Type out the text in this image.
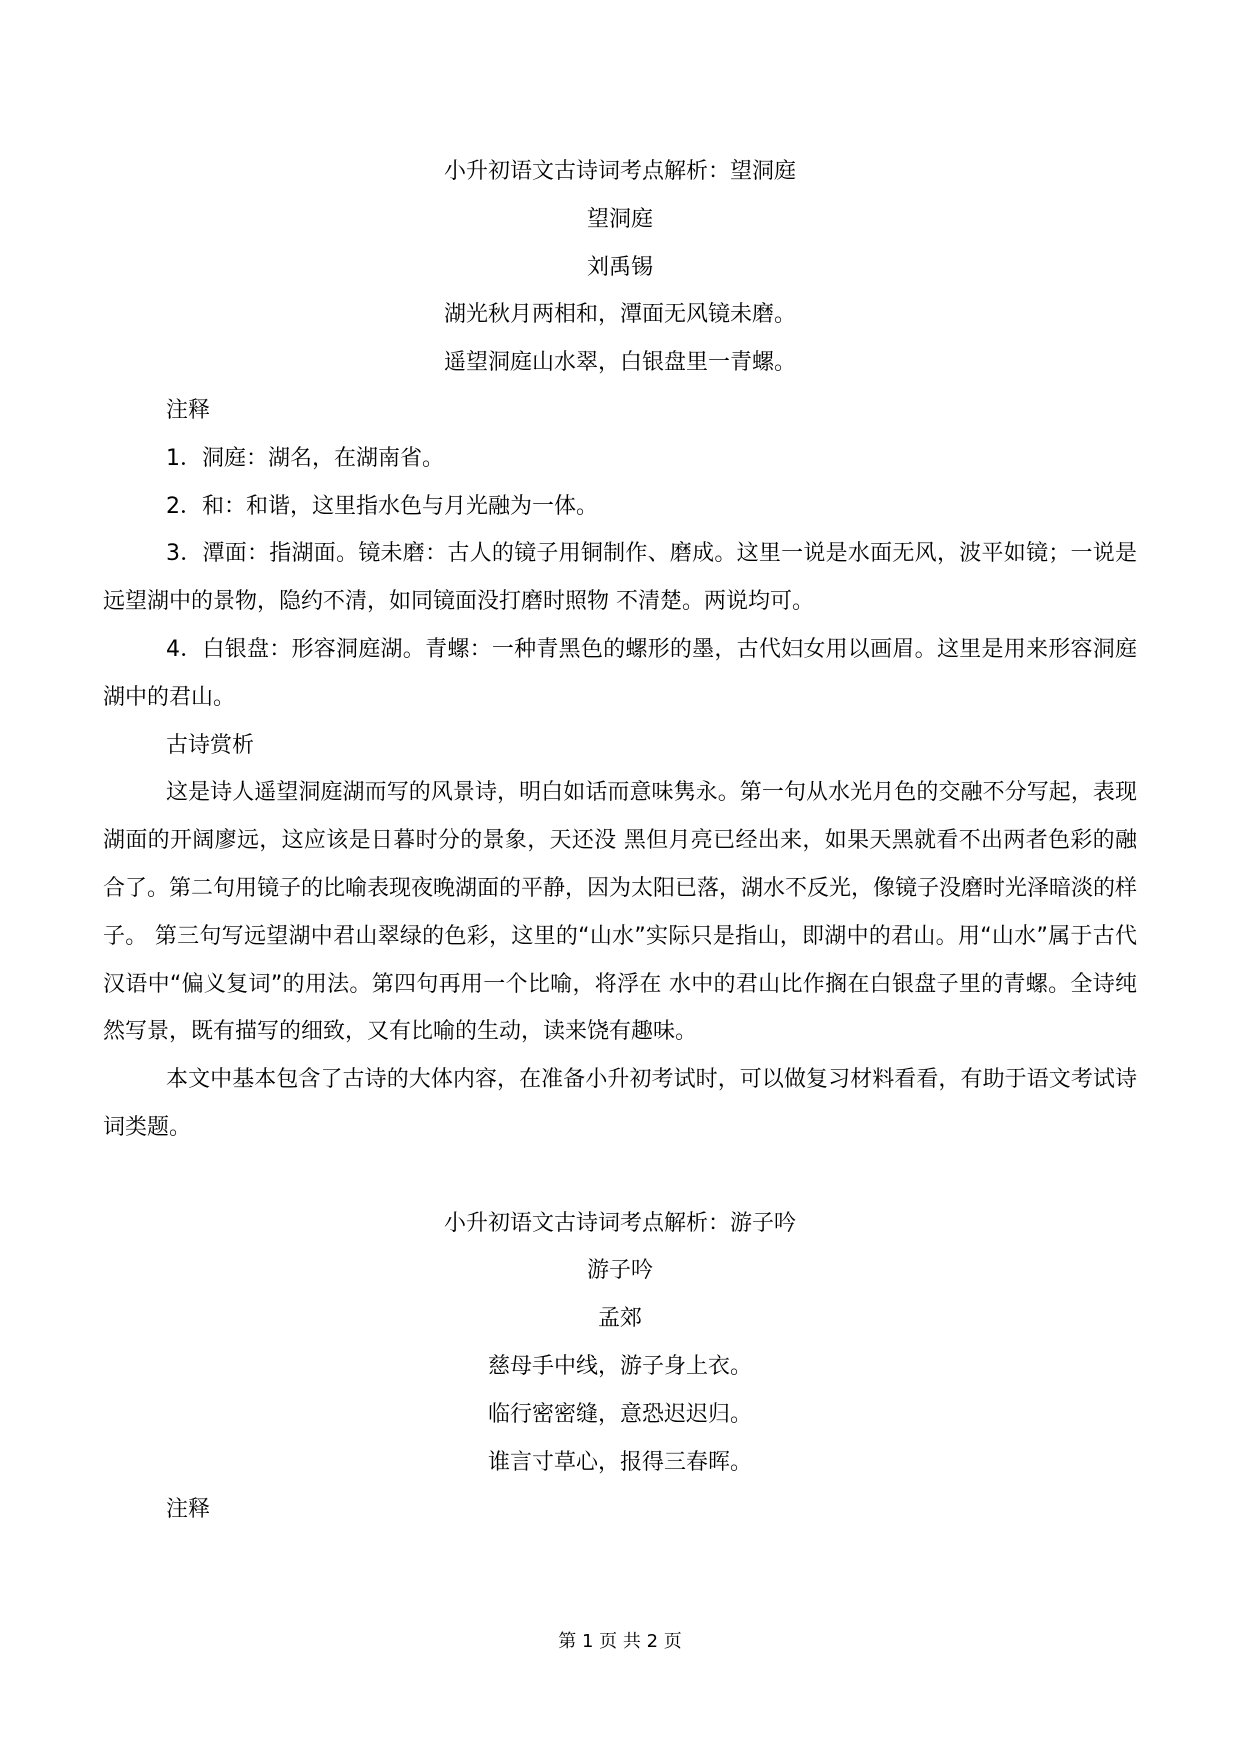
小升初语文古诗词考点解析：望洞庭

望洞庭

刘禹锡

湖光秋月两相和，潭面无风镜未磨。

遥望洞庭山水翠，白银盘里一青螺。

注释

1．洞庭：湖名，在湖南省。

2．和：和谐，这里指水色与月光融为一体。

3．潭面：指湖面。镜未磨：古人的镜子用铜制作、磨成。这里一说是水面无风，波平如镜；一说是远望湖中的景物，隐约不清，如同镜面没打磨时照物 不清楚。两说均可。

4．白银盘：形容洞庭湖。青螺：一种青黑色的螺形的墨，古代妇女用以画眉。这里是用来形容洞庭湖中的君山。

古诗赏析

这是诗人遥望洞庭湖而写的风景诗，明白如话而意味隽永。第一句从水光月色的交融不分写起，表现湖面的开阔廖远，这应该是日暮时分的景象，天还没 黑但月亮已经出来，如果天黑就看不出两者色彩的融合了。第二句用镜子的比喻表现夜晚湖面的平静，因为太阳已落，湖水不反光，像镜子没磨时光泽暗淡的样子。 第三句写远望湖中君山翠绿的色彩，这里的“山水”实际只是指山，即湖中的君山。用“山水”属于古代汉语中“偏义复词”的用法。第四句再用一个比喻，将浮在 水中的君山比作搁在白银盘子里的青螺。全诗纯然写景，既有描写的细致，又有比喻的生动，读来饶有趣味。

本文中基本包含了古诗的大体内容，在准备小升初考试时，可以做复习材料看看，有助于语文考试诗词类题。

小升初语文古诗词考点解析：游子吟

游子吟

孟郊

慈母手中线，游子身上衣。

临行密密缝，意恐迟迟归。

谁言寸草心，报得三春晖。

注释

第 1 页 共 2 页
